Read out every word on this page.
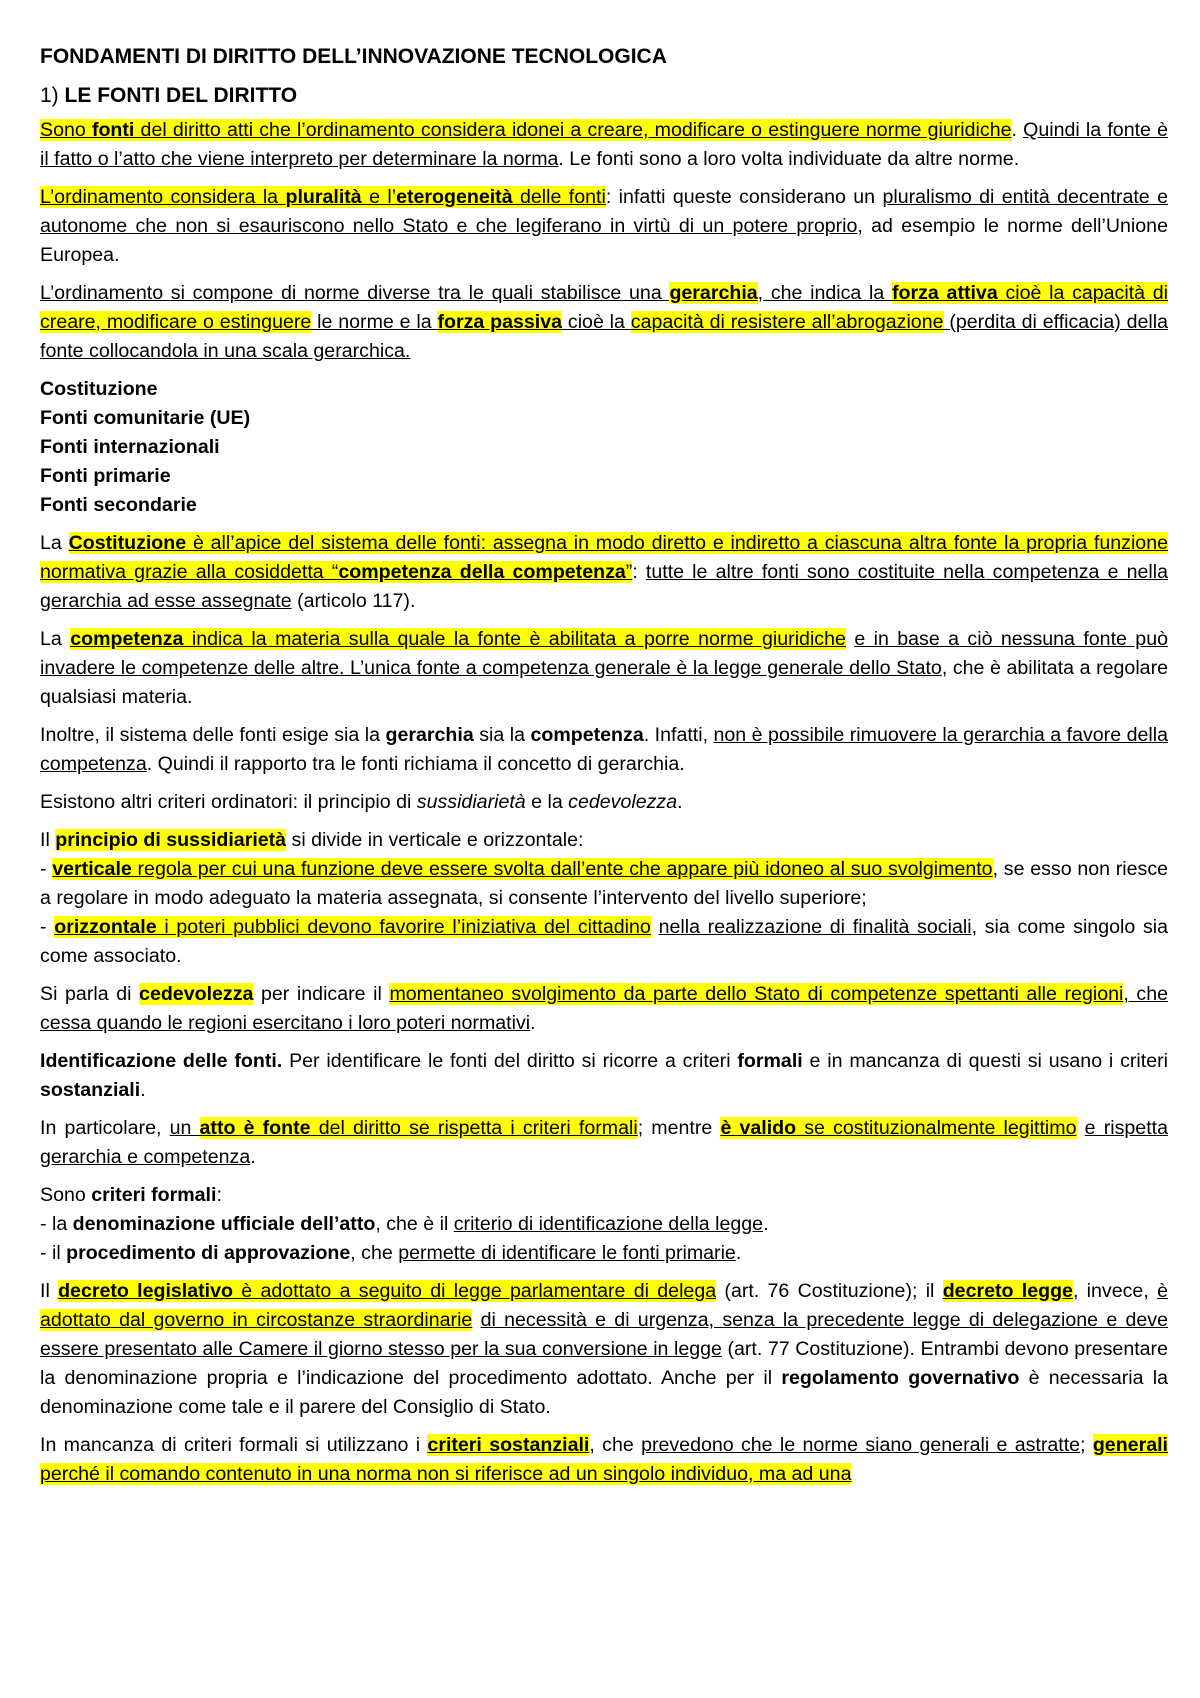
FONDAMENTI DI DIRITTO DELL’INNOVAZIONE TECNOLOGICA
1) LE FONTI DEL DIRITTO

Sono fonti del diritto atti che l’ordinamento considera idonei a creare, modificare o estinguere norme giuridiche. Quindi la fonte è il fatto o l’atto che viene interpreto per determinare la norma. Le fonti sono a loro volta individuate da altre norme.

L’ordinamento considera la pluralità e l’eterogeneità delle fonti: infatti queste considerano un pluralismo di entità decentrate e autonome che non si esauriscono nello Stato e che legiferano in virtù di un potere proprio, ad esempio le norme dell’Unione Europea.

L’ordinamento si compone di norme diverse tra le quali stabilisce una gerarchia, che indica la forza attiva cioè la capacità di creare, modificare o estinguere le norme e la forza passiva cioè la capacità di resistere all’abrogazione (perdita di efficacia) della fonte collocandola in una scala gerarchica.

Costituzione
Fonti comunitarie (UE)
Fonti internazionali
Fonti primarie
Fonti secondarie

La Costituzione è all’apice del sistema delle fonti: assegna in modo diretto e indiretto a ciascuna altra fonte la propria funzione normativa grazie alla cosiddetta “competenza della competenza”: tutte le altre fonti sono costituite nella competenza e nella gerarchia ad esse assegnate (articolo 117).

La competenza indica la materia sulla quale la fonte è abilitata a porre norme giuridiche e in base a ciò nessuna fonte può invadere le competenze delle altre. L’unica fonte a competenza generale è la legge generale dello Stato, che è abilitata a regolare qualsiasi materia.

Inoltre, il sistema delle fonti esige sia la gerarchia sia la competenza. Infatti, non è possibile rimuovere la gerarchia a favore della competenza. Quindi il rapporto tra le fonti richiama il concetto di gerarchia.

Esistono altri criteri ordinatori: il principio di sussidiarietà e la cedevolezza.

Il principio di sussidiarietà si divide in verticale e orizzontale:
- verticale regola per cui una funzione deve essere svolta dall’ente che appare più idoneo al suo svolgimento, se esso non riesce a regolare in modo adeguato la materia assegnata, si consente l’intervento del livello superiore;
- orizzontale i poteri pubblici devono favorire l’iniziativa del cittadino nella realizzazione di finalità sociali, sia come singolo sia come associato.

Si parla di cedevolezza per indicare il momentaneo svolgimento da parte dello Stato di competenze spettanti alle regioni, che cessa quando le regioni esercitano i loro poteri normativi.

Identificazione delle fonti. Per identificare le fonti del diritto si ricorre a criteri formali e in mancanza di questi si usano i criteri sostanziali.

In particolare, un atto è fonte del diritto se rispetta i criteri formali; mentre è valido se costituzionalmente legittimo e rispetta gerarchia e competenza.

Sono criteri formali:
- la denominazione ufficiale dell’atto, che è il criterio di identificazione della legge.
- il procedimento di approvazione, che permette di identificare le fonti primarie.

Il decreto legislativo è adottato a seguito di legge parlamentare di delega (art. 76 Costituzione); il decreto legge, invece, è adottato dal governo in circostanze straordinarie di necessità e di urgenza, senza la precedente legge di delegazione e deve essere presentato alle Camere il giorno stesso per la sua conversione in legge (art. 77 Costituzione). Entrambi devono presentare la denominazione propria e l’indicazione del procedimento adottato. Anche per il regolamento governativo è necessaria la denominazione come tale e il parere del Consiglio di Stato.

In mancanza di criteri formali si utilizzano i criteri sostanziali, che prevedono che le norme siano generali e astratte; generali perché il comando contenuto in una norma non si riferisce ad un singolo individuo, ma ad una
